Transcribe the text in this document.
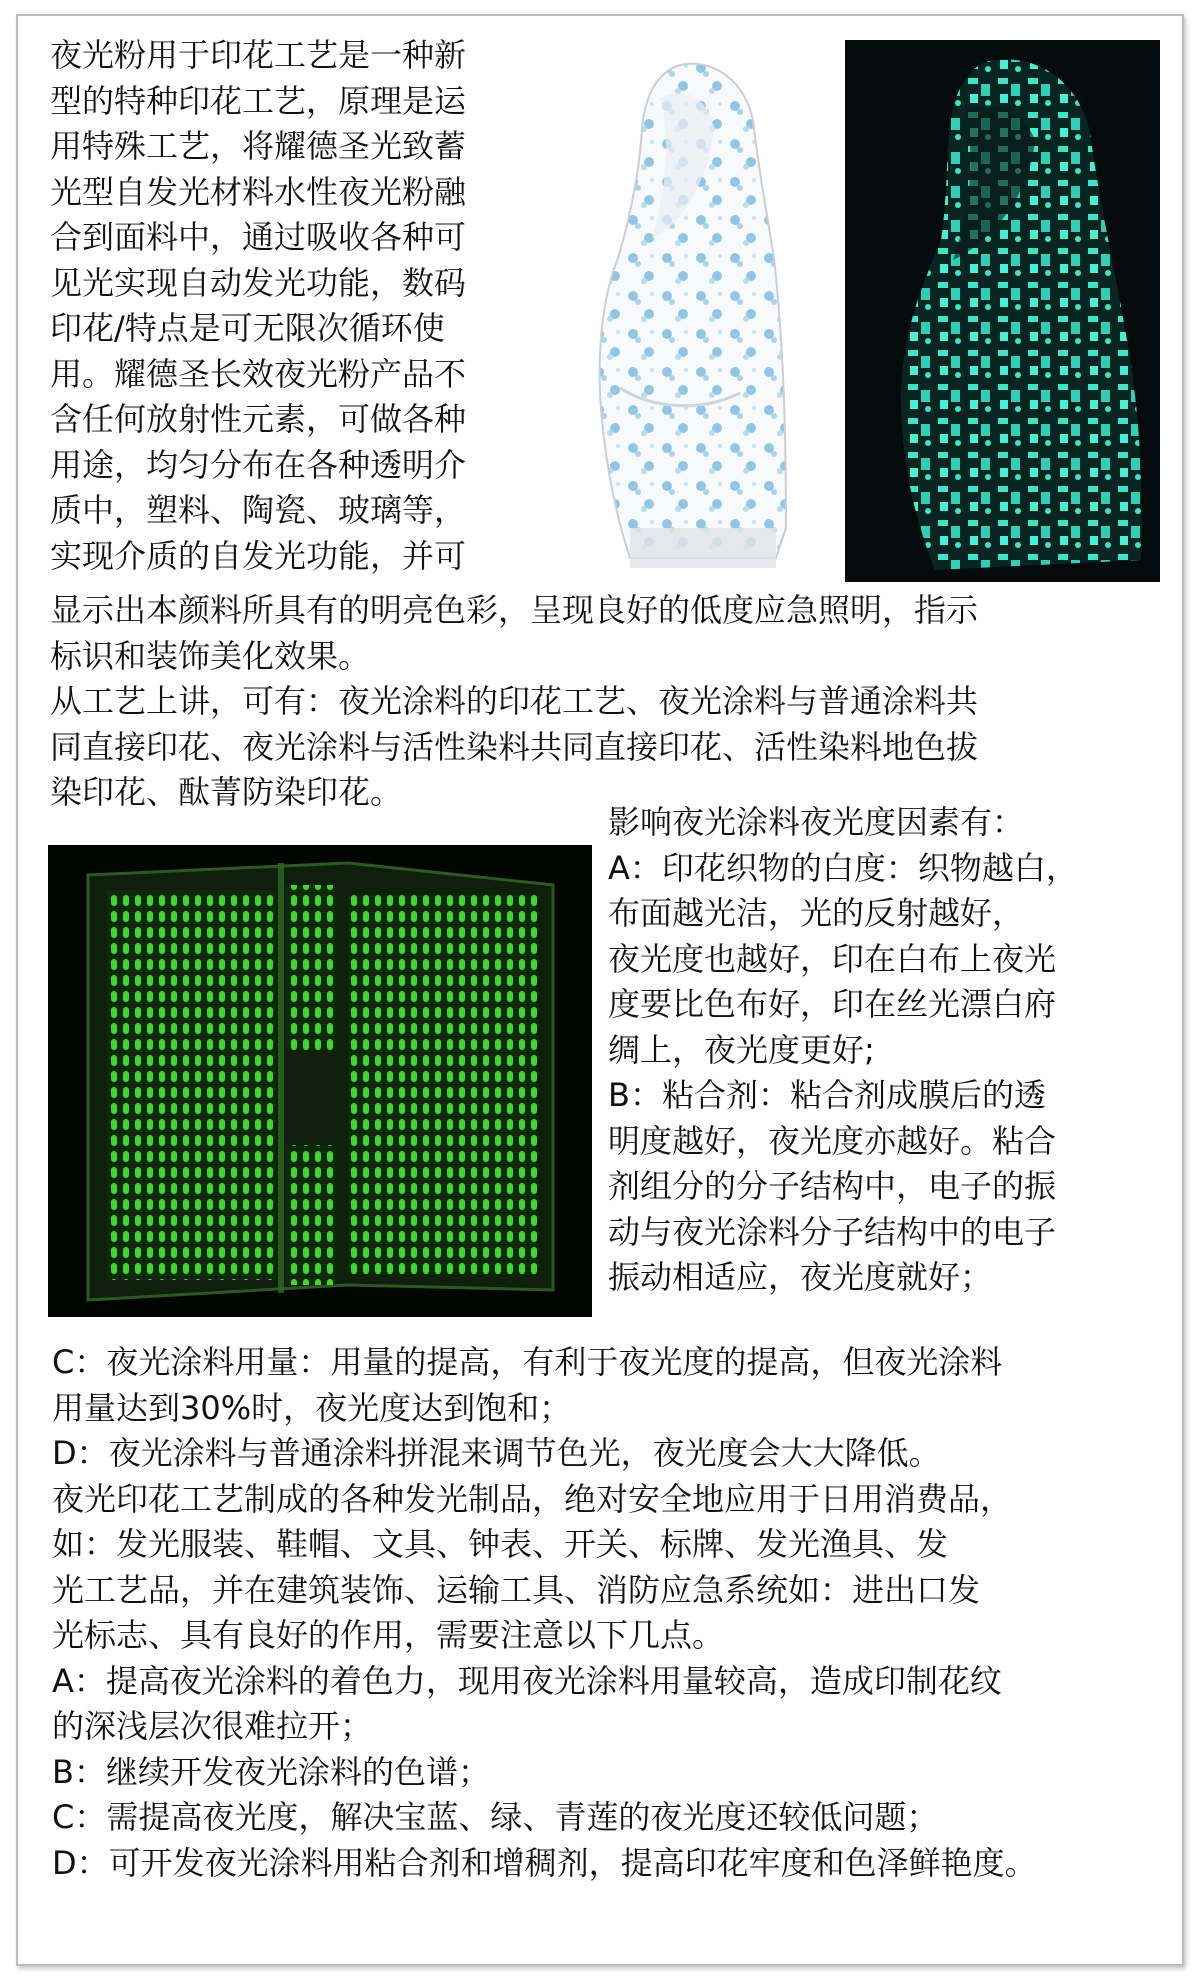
夜光粉用于印花工艺是一种新
型的特种印花工艺，原理是运
用特殊工艺，将耀德圣光致蓄
光型自发光材料水性夜光粉融
合到面料中，通过吸收各种可
见光实现自动发光功能，数码
印花/特点是可无限次循环使
用。耀德圣长效夜光粉产品不
含任何放射性元素，可做各种
用途，均匀分布在各种透明介
质中，塑料、陶瓷、玻璃等，
实现介质的自发光功能，并可

显示出本颜料所具有的明亮色彩，呈现良好的低度应急照明，指示
标识和装饰美化效果。
从工艺上讲，可有：夜光涂料的印花工艺、夜光涂料与普通涂料共
同直接印花、夜光涂料与活性染料共同直接印花、活性染料地色拔
染印花、酞菁防染印花。

影响夜光涂料夜光度因素有：
A：印花织物的白度：织物越白，
布面越光洁，光的反射越好，
夜光度也越好，印在白布上夜光
度要比色布好，印在丝光漂白府
绸上，夜光度更好;
B：粘合剂：粘合剂成膜后的透
明度越好，夜光度亦越好。粘合
剂组分的分子结构中，电子的振
动与夜光涂料分子结构中的电子
振动相适应，夜光度就好；

C：夜光涂料用量：用量的提高，有利于夜光度的提高，但夜光涂料
用量达到30%时，夜光度达到饱和；
D：夜光涂料与普通涂料拼混来调节色光，夜光度会大大降低。
夜光印花工艺制成的各种发光制品，绝对安全地应用于日用消费品，
如：发光服装、鞋帽、文具、钟表、开关、标牌、发光渔具、发
光工艺品，并在建筑装饰、运输工具、消防应急系统如：进出口发
光标志、具有良好的作用，需要注意以下几点。
A：提高夜光涂料的着色力，现用夜光涂料用量较高，造成印制花纹
的深浅层次很难拉开；
B：继续开发夜光涂料的色谱；
C：需提高夜光度，解决宝蓝、绿、青莲的夜光度还较低问题；
D：可开发夜光涂料用粘合剂和增稠剂，提高印花牢度和色泽鲜艳度。
